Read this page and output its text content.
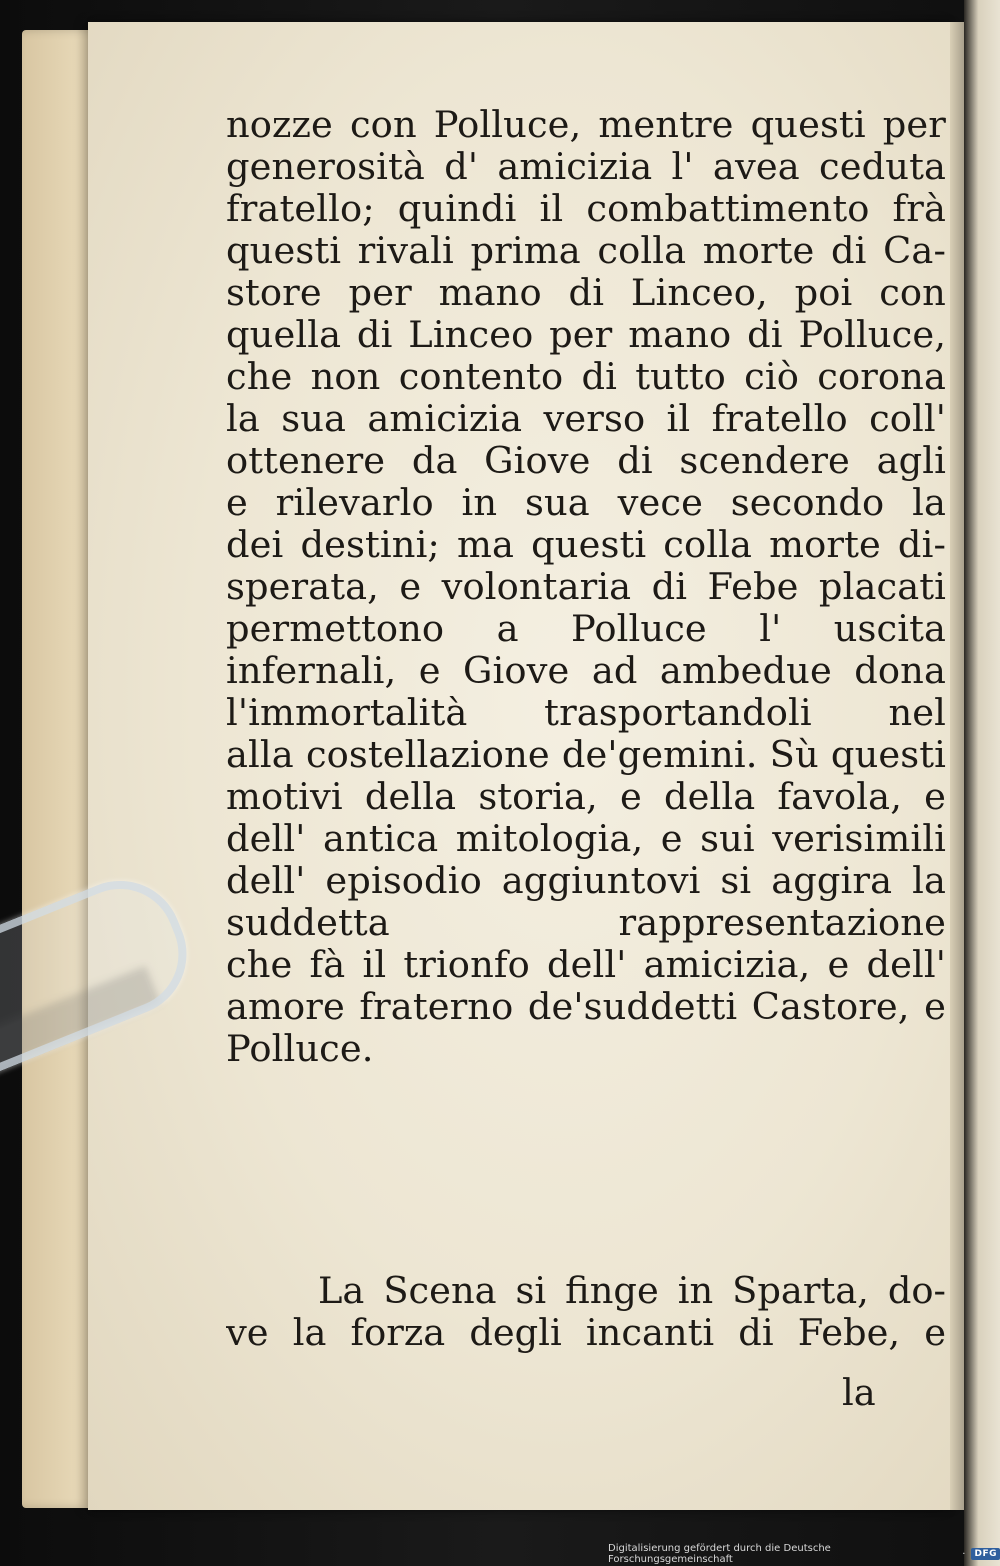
nozze con Polluce, mentre questi per
generosità d' amicizia l' avea ceduta
fratello; quindi il combattimento frà
questi rivali prima colla morte di Ca-
store per mano di Linceo, poi con
quella di Linceo per mano di Polluce,
che non contento di tutto ciò corona
la sua amicizia verso il fratello coll'
ottenere da Giove di scendere agli
e rilevarlo in sua vece secondo la
dei destini; ma questi colla morte di-
sperata, e volontaria di Febe placati
permettono a Polluce l' uscita
infernali, e Giove ad ambedue dona
l'immortalità trasportandoli nel
alla costellazione de'gemini. Sù questi
motivi della storia, e della favola, e
dell' antica mitologia, e sui verisimili
dell' episodio aggiuntovi si aggira la
suddetta rappresentazione
che fà il trionfo dell' amicizia, e dell'
amore fraterno de'suddetti Castore, e
Polluce.
La Scena si finge in Sparta, do-
ve la forza degli incanti di Febe, e
la
Digitalisierung gefördert durch die Deutsche Forschungsgemeinschaft	·	DFG
